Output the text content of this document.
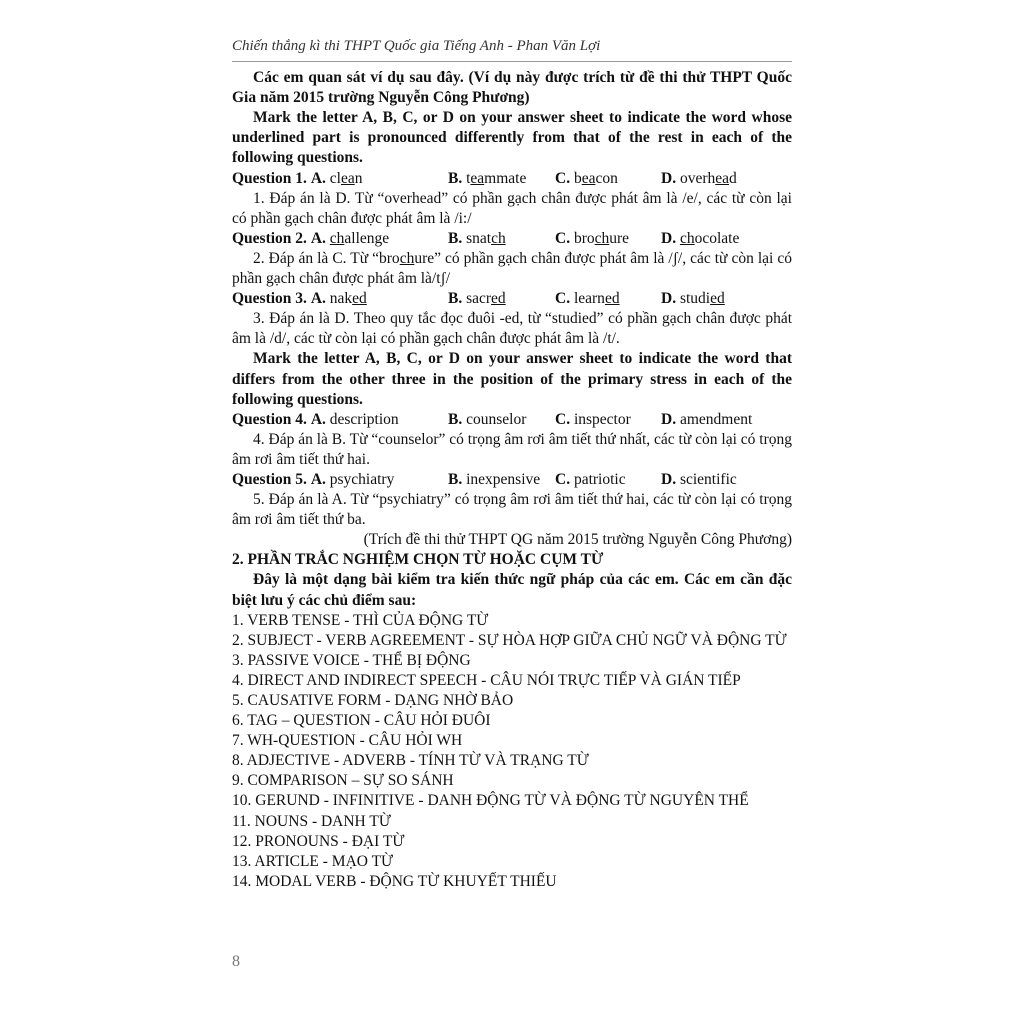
Chiến thắng kì thi THPT Quốc gia Tiếng Anh - Phan Văn Lợi

Các em quan sát ví dụ sau đây. (Ví dụ này được trích từ đề thi thử THPT Quốc Gia năm 2015 trường Nguyễn Công Phương)

Mark the letter A, B, C, or D on your answer sheet to indicate the word whose underlined part is pronounced differently from that of the rest in each of the following questions.

Question 1. A. clean	B. teammate	C. beacon	D. overhead

1. Đáp án là D. Từ “overhead” có phần gạch chân được phát âm là /e/, các từ còn lại có phần gạch chân được phát âm là /i:/

Question 2. A. challenge	B. snatch	C. brochure	D. chocolate

2. Đáp án là C. Từ “brochure” có phần gạch chân được phát âm là /ʃ/, các từ còn lại có phần gạch chân được phát âm là/tʃ/

Question 3. A. naked	B. sacred	C. learned	D. studied

3. Đáp án là D. Theo quy tắc đọc đuôi -ed, từ “studied” có phần gạch chân được phát âm là /d/, các từ còn lại có phần gạch chân được phát âm là /t/.

Mark the letter A, B, C, or D on your answer sheet to indicate the word that differs from the other three in the position of the primary stress in each of the following questions.

Question 4. A. description	B. counselor	C. inspector	D. amendment

4. Đáp án là B. Từ “counselor” có trọng âm rơi âm tiết thứ nhất, các từ còn lại có trọng âm rơi âm tiết thứ hai.

Question 5. A. psychiatry	B. inexpensive C. patriotic	D. scientific

5. Đáp án là A. Từ “psychiatry” có trọng âm rơi âm tiết thứ hai, các từ còn lại có trọng âm rơi âm tiết thứ ba.

(Trích đề thi thử THPT QG năm 2015 trường Nguyễn Công Phương)

2. PHẦN TRẮC NGHIỆM CHỌN TỪ HOẶC CỤM TỪ

Đây là một dạng bài kiểm tra kiến thức ngữ pháp của các em. Các em cần đặc biệt lưu ý các chủ điểm sau:

1. VERB TENSE - THÌ CỦA ĐỘNG TỪ

2. SUBJECT - VERB AGREEMENT - SỰ HÒA HỢP GIỮA CHỦ NGỮ VÀ ĐỘNG TỪ

3. PASSIVE VOICE - THỂ BỊ ĐỘNG

4. DIRECT AND INDIRECT SPEECH - CÂU NÓI TRỰC TIẾP VÀ GIÁN TIẾP

5. CAUSATIVE FORM - DẠNG NHỜ BẢO

6. TAG – QUESTION - CÂU HỎI ĐUÔI

7. WH-QUESTION - CÂU HỎI WH

8. ADJECTIVE - ADVERB - TÍNH TỪ VÀ TRẠNG TỪ

9. COMPARISON – SỰ SO SÁNH

10. GERUND - INFINITIVE - DANH ĐỘNG TỪ VÀ ĐỘNG TỪ NGUYÊN THỂ

11. NOUNS - DANH TỪ

12. PRONOUNS - ĐẠI TỪ

13. ARTICLE - MẠO TỪ

14. MODAL VERB - ĐỘNG TỪ KHUYẾT THIẾU

8
